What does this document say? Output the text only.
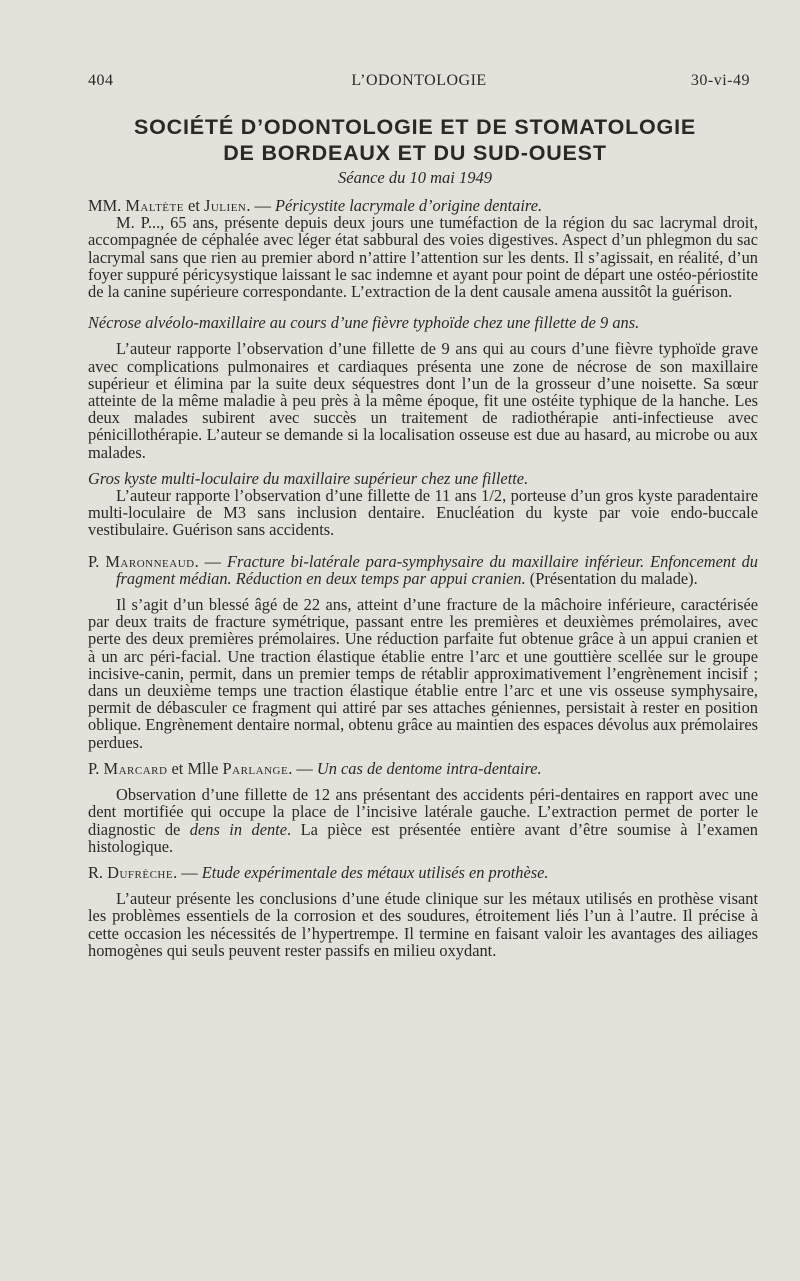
404	L’ODONTOLOGIE	30-vi-49
SOCIÉTÉ D’ODONTOLOGIE ET DE STOMATOLOGIE
DE BORDEAUX ET DU SUD-OUEST
Séance du 10 mai 1949

MM. Maltète et Julien. — Péricystite lacrymale d’origine dentaire.

M. P..., 65 ans, présente depuis deux jours une tuméfaction de la région du sac lacrymal droit, accompagnée de céphalée avec léger état sabbural des voies digestives. Aspect d’un phlegmon du sac lacrymal sans que rien au premier abord n’attire l’attention sur les dents. Il s’agissait, en réalité, d’un foyer suppuré péricysystique laissant le sac indemne et ayant pour point de départ une ostéo-périostite de la canine supérieure correspondante. L’extraction de la dent causale amena aussitôt la guérison.

Nécrose alvéolo-maxillaire au cours d’une fièvre typhoïde chez une fillette de 9 ans.

L’auteur rapporte l’observation d’une fillette de 9 ans qui au cours d’une fièvre typhoïde grave avec complications pulmonaires et cardiaques présenta une zone de nécrose de son maxillaire supérieur et élimina par la suite deux séquestres dont l’un de la grosseur d’une noisette. Sa sœur atteinte de la même maladie à peu près à la même époque, fit une ostéite typhique de la hanche. Les deux malades subirent avec succès un traitement de radiothérapie anti-infectieuse avec pénicillothérapie. L’auteur se demande si la localisation osseuse est due au hasard, au microbe ou aux malades.

Gros kyste multi-loculaire du maxillaire supérieur chez une fillette.

L’auteur rapporte l’observation d’une fillette de 11 ans 1/2, porteuse d’un gros kyste paradentaire multi-loculaire de M3 sans inclusion dentaire. Enucléation du kyste par voie endo-buccale vestibulaire. Guérison sans accidents.

P. Maronneaud. — Fracture bi-latérale para-symphysaire du maxillaire inférieur. Enfoncement du fragment médian. Réduction en deux temps par appui cranien. (Présentation du malade).

Il s’agit d’un blessé âgé de 22 ans, atteint d’une fracture de la mâchoire inférieure, caractérisée par deux traits de fracture symétrique, passant entre les premières et deuxièmes prémolaires, avec perte des deux premières prémolaires. Une réduction parfaite fut obtenue grâce à un appui cranien et à un arc péri-facial. Une traction élastique établie entre l’arc et une gouttière scellée sur le groupe incisive-canin, permit, dans un premier temps de rétablir approximativement l’engrènement incisif ; dans un deuxième temps une traction élastique établie entre l’arc et une vis osseuse symphysaire, permit de débasculer ce fragment qui attiré par ses attaches géniennes, persistait à rester en position oblique. Engrènement dentaire normal, obtenu grâce au maintien des espaces dévolus aux prémolaires perdues.

P. Marcard et Mlle Parlange. — Un cas de dentome intra-dentaire.

Observation d’une fillette de 12 ans présentant des accidents péri-dentaires en rapport avec une dent mortifiée qui occupe la place de l’incisive latérale gauche. L’extraction permet de porter le diagnostic de dens in dente. La pièce est présentée entière avant d’être soumise à l’examen histologique.

R. Dufrèche. — Etude expérimentale des métaux utilisés en prothèse.

L’auteur présente les conclusions d’une étude clinique sur les métaux utilisés en prothèse visant les problèmes essentiels de la corrosion et des soudures, étroitement liés l’un à l’autre. Il précise à cette occasion les nécessités de l’hypertrempe. Il termine en faisant valoir les avantages des ailiages homogènes qui seuls peuvent rester passifs en milieu oxydant.
